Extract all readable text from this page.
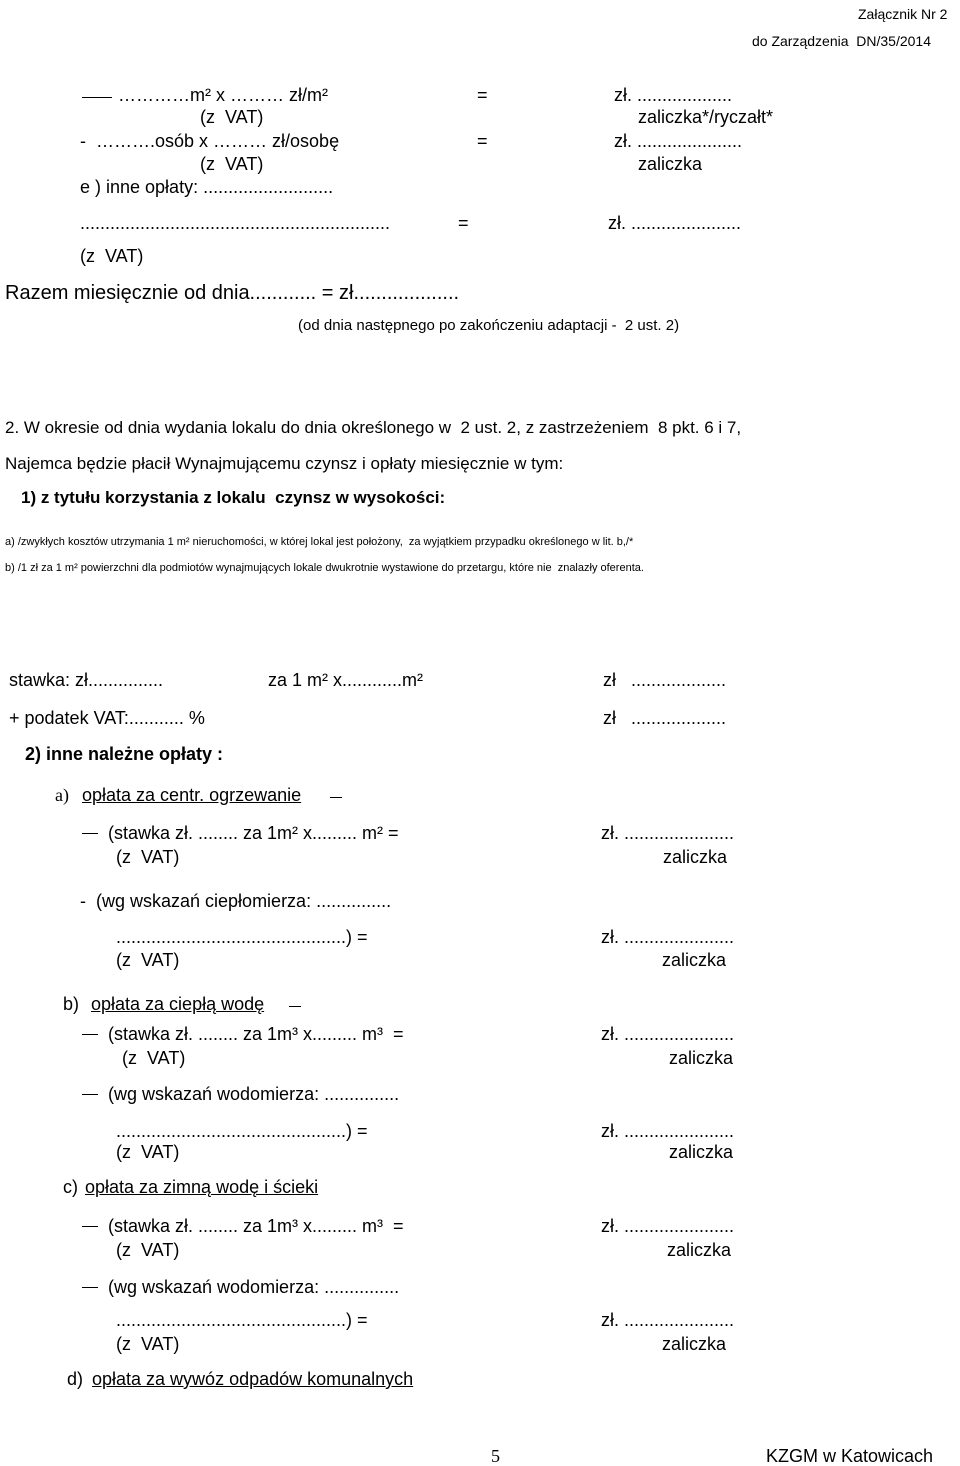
Załącznik Nr 2
do Zarządzenia  DN/35/2014
…………m² x ……… zł/m²	=	zł. ...................
(z  VAT)	zaliczka*/ryczałt*
-  ……….osób x ……… zł/osobę	=	zł. .....................
(z  VAT)	zaliczka
e ) inne opłaty: ..........................
..............................................................	=	zł. ......................
(z  VAT)
Razem miesięcznie od dnia............ = zł...................
(od dnia następnego po zakończeniu adaptacji -  2 ust. 2)
2. W okresie od dnia wydania lokalu do dnia określonego w  2 ust. 2, z zastrzeżeniem  8 pkt. 6 i 7,
Najemca będzie płacił Wynajmującemu czynsz i opłaty miesięcznie w tym:
1) z tytułu korzystania z lokalu  czynsz w wysokości:
a) /zwykłych kosztów utrzymania 1 m² nieruchomości, w której lokal jest położony,  za wyjątkiem przypadku określonego w lit. b,/*
b) /1 zł za 1 m² powierzchni dla podmiotów wynajmujących lokale dwukrotnie wystawione do przetargu, które nie  znalazły oferenta.
stawka: zł...............	za 1 m² x............m²	zł   ...................
+ podatek VAT:........... %	zł   ...................
2) inne należne opłaty :
a) opłata za centr. ogrzewanie
(stawka zł. ........ za 1m² x......... m² =	zł. ......................
(z  VAT)	zaliczka
-  (wg wskazań ciepłomierza: ...............
..............................................) =	zł. ......................
(z  VAT)	zaliczka
b) opłata za ciepłą wodę
(stawka zł. ........ za 1m³ x......... m³  =	zł. ......................
(z  VAT)	zaliczka
(wg wskazań wodomierza: ...............
..............................................) =	zł. ......................
(z  VAT)	zaliczka
c) opłata za zimną wodę i ścieki
(stawka zł. ........ za 1m³ x......... m³  =	zł. ......................
(z  VAT)	zaliczka
(wg wskazań wodomierza: ...............
..............................................) =	zł. ......................
(z  VAT)	zaliczka
d) opłata za wywóz odpadów komunalnych
5	KZGM w Katowicach
